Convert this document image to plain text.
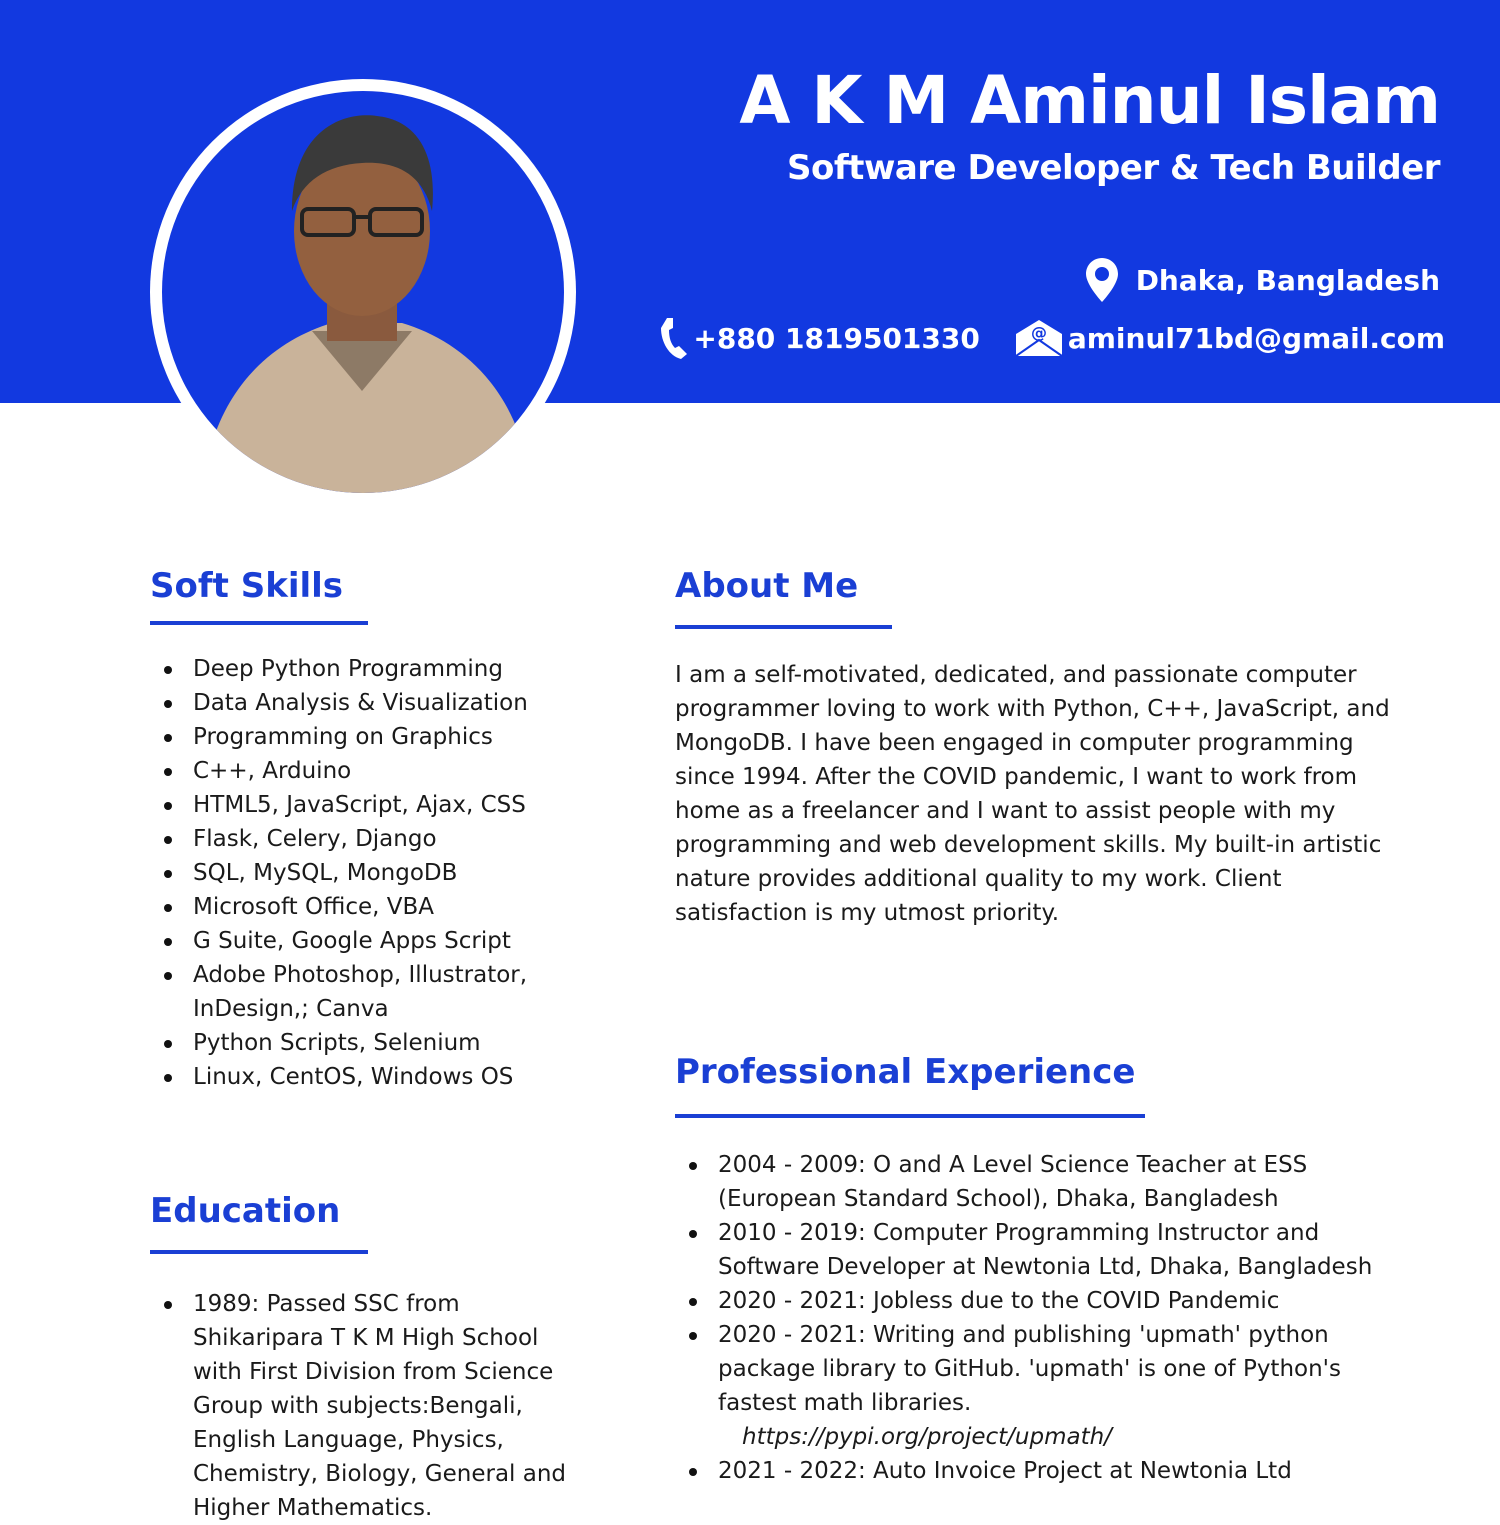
A K M Aminul Islam
Software Developer & Tech Builder
Dhaka, Bangladesh
+880 1819501330	@ aminul71bd@gmail.com
Soft Skills
Deep Python Programming
Data Analysis & Visualization
Programming on Graphics
C++, Arduino
HTML5, JavaScript, Ajax, CSS
Flask, Celery, Django
SQL, MySQL, MongoDB
Microsoft Office, VBA
G Suite, Google Apps Script
Adobe Photoshop, Illustrator, InDesign,; Canva
Python Scripts, Selenium
Linux, CentOS, Windows OS
Education
1989: Passed SSC from Shikaripara T K M High School with First Division from Science Group with subjects:Bengali, English Language, Physics, Chemistry, Biology, General and Higher Mathematics.
About Me
I am a self-motivated, dedicated, and passionate computer programmer loving to work with Python, C++, JavaScript, and MongoDB. I have been engaged in computer programming since 1994. After the COVID pandemic, I want to work from home as a freelancer and I want to assist people with my programming and web development skills. My built-in artistic nature provides additional quality to my work. Client satisfaction is my utmost priority.
Professional Experience
2004 - 2009: O and A Level Science Teacher at ESS (European Standard School), Dhaka, Bangladesh
2010 - 2019: Computer Programming Instructor and Software Developer at Newtonia Ltd, Dhaka, Bangladesh
2020 - 2021: Jobless due to the COVID Pandemic
2020 - 2021: Writing and publishing 'upmath' python package library to GitHub. 'upmath' is one of Python's fastest math libraries.
https://pypi.org/project/upmath/
2021 - 2022: Auto Invoice Project at Newtonia Ltd
